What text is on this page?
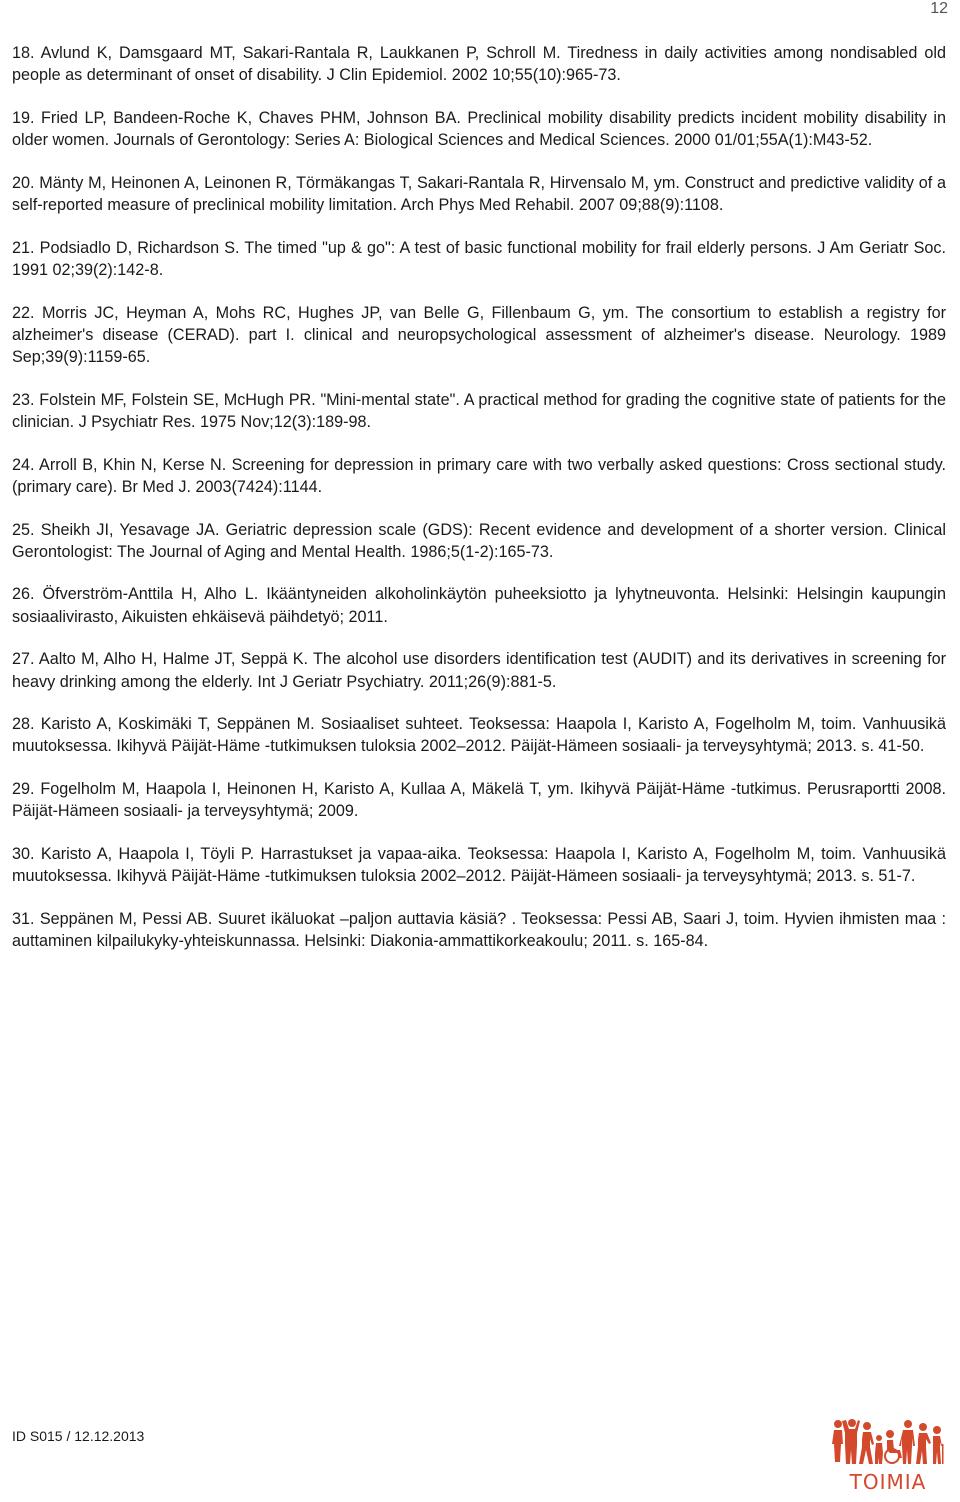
12

18. Avlund K, Damsgaard MT, Sakari-Rantala R, Laukkanen P, Schroll M. Tiredness in daily activities among nondisabled old people as determinant of onset of disability. J Clin Epidemiol. 2002 10;55(10):965-73.

19. Fried LP, Bandeen-Roche K, Chaves PHM, Johnson BA. Preclinical mobility disability predicts incident mobility disability in older women. Journals of Gerontology: Series A: Biological Sciences and Medical Sciences. 2000 01/01;55A(1):M43-52.

20. Mänty M, Heinonen A, Leinonen R, Törmäkangas T, Sakari-Rantala R, Hirvensalo M, ym. Construct and predictive validity of a self-reported measure of preclinical mobility limitation. Arch Phys Med Rehabil. 2007 09;88(9):1108.

21. Podsiadlo D, Richardson S. The timed "up & go": A test of basic functional mobility for frail elderly persons. J Am Geriatr Soc. 1991 02;39(2):142-8.

22. Morris JC, Heyman A, Mohs RC, Hughes JP, van Belle G, Fillenbaum G, ym. The consortium to establish a registry for alzheimer's disease (CERAD). part I. clinical and neuropsychological assessment of alzheimer's disease. Neurology. 1989 Sep;39(9):1159-65.

23. Folstein MF, Folstein SE, McHugh PR. "Mini-mental state". A practical method for grading the cognitive state of patients for the clinician. J Psychiatr Res. 1975 Nov;12(3):189-98.

24. Arroll B, Khin N, Kerse N. Screening for depression in primary care with two verbally asked questions: Cross sectional study.(primary care). Br Med J. 2003(7424):1144.

25. Sheikh JI, Yesavage JA. Geriatric depression scale (GDS): Recent evidence and development of a shorter version. Clinical Gerontologist: The Journal of Aging and Mental Health. 1986;5(1-2):165-73.

26. Öfverström-Anttila H, Alho L. Ikääntyneiden alkoholinkäytön puheeksiotto ja lyhytneuvonta. Helsinki: Helsingin kaupungin sosiaalivirasto, Aikuisten ehkäisevä päihdetyö; 2011.

27. Aalto M, Alho H, Halme JT, Seppä K. The alcohol use disorders identification test (AUDIT) and its derivatives in screening for heavy drinking among the elderly. Int J Geriatr Psychiatry. 2011;26(9):881-5.

28. Karisto A, Koskimäki T, Seppänen M. Sosiaaliset suhteet. Teoksessa: Haapola I, Karisto A, Fogelholm M, toim. Vanhuusikä muutoksessa. Ikihyvä Päijät-Häme -tutkimuksen tuloksia 2002–2012. Päijät-Hämeen sosiaali- ja terveysyhtymä; 2013. s. 41-50.

29. Fogelholm M, Haapola I, Heinonen H, Karisto A, Kullaa A, Mäkelä T, ym. Ikihyvä Päijät-Häme -tutkimus. Perusraportti 2008. Päijät-Hämeen sosiaali- ja terveysyhtymä; 2009.

30. Karisto A, Haapola I, Töyli P. Harrastukset ja vapaa-aika. Teoksessa: Haapola I, Karisto A, Fogelholm M, toim. Vanhuusikä muutoksessa. Ikihyvä Päijät-Häme -tutkimuksen tuloksia 2002–2012. Päijät-Hämeen sosiaali- ja terveysyhtymä; 2013. s. 51-7.

31. Seppänen M, Pessi AB. Suuret ikäluokat –paljon auttavia käsiä? . Teoksessa: Pessi AB, Saari J, toim. Hyvien ihmisten maa : auttaminen kilpailukyky-yhteiskunnassa. Helsinki: Diakonia-ammattikorkeakoulu; 2011. s. 165-84.

ID S015 / 12.12.2013
TOIMIA
